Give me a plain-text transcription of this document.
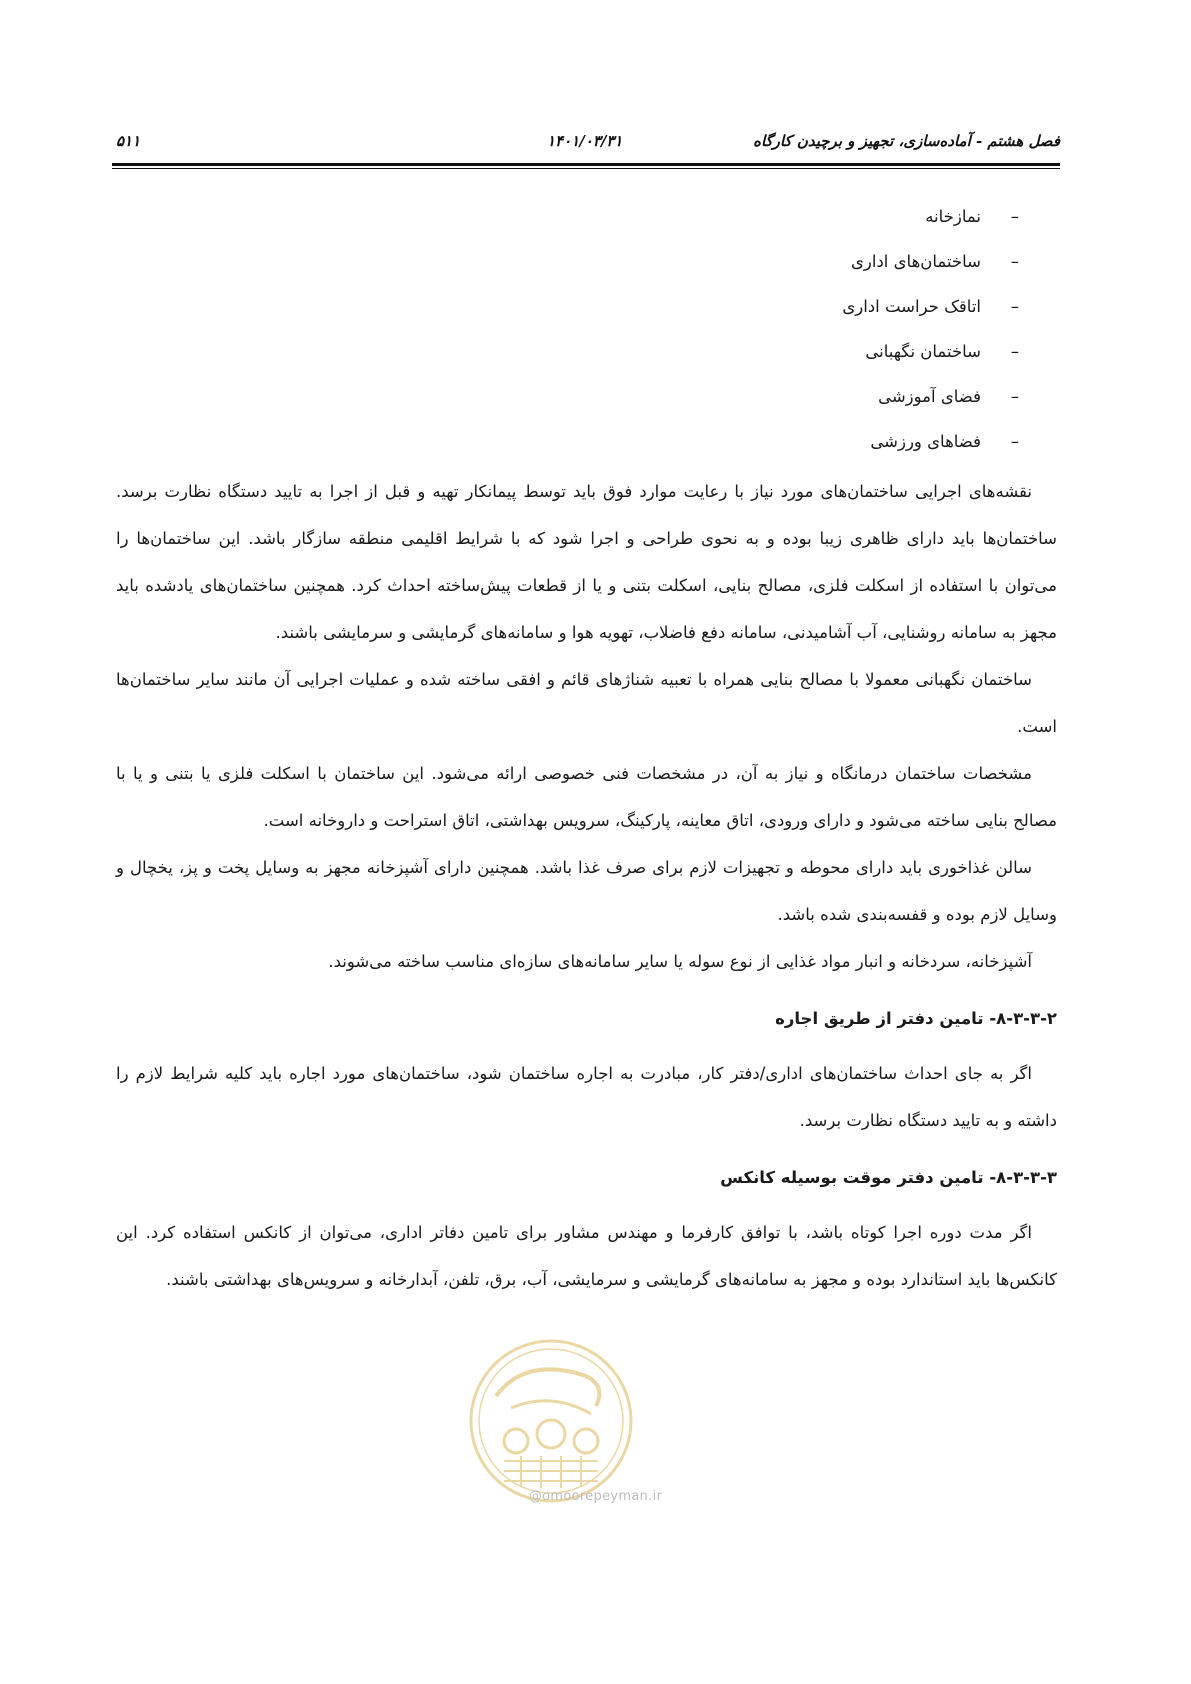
فصل هشتم - آماده‌سازی، تجهیز و برچیدن کارگاه
۱۴۰۱/۰۳/۳۱
۵۱۱
–نمازخانه
–ساختمان‌های اداری
–اتاقک حراست اداری
–ساختمان نگهبانی
–فضای آموزشی
–فضاهای ورزشی

نقشه‌های اجرایی ساختمان‌های مورد نیاز با رعایت موارد فوق باید توسط پیمانکار تهیه و قبل از اجرا به تایید دستگاه نظارت برسد. ساختمان‌ها باید دارای ظاهری زیبا بوده و به نحوی طراحی و اجرا شود که با شرایط اقلیمی منطقه سازگار باشد. این ساختمان‌ها را می‌توان با استفاده از اسکلت فلزی، مصالح بنایی، اسکلت بتنی و یا از قطعات پیش‌ساخته احداث کرد. همچنین ساختمان‌های یادشده باید مجهز به سامانه روشنایی، آب آشامیدنی، سامانه دفع فاضلاب، تهویه هوا و سامانه‌های گرمایشی و سرمایشی باشند.

ساختمان نگهبانی معمولا با مصالح بنایی همراه با تعبیه شناژهای قائم و افقی ساخته شده و عملیات اجرایی آن مانند سایر ساختمان‌ها است.

مشخصات ساختمان درمانگاه و نیاز به آن، در مشخصات فنی خصوصی ارائه می‌شود. این ساختمان با اسکلت فلزی یا بتنی و یا با مصالح بنایی ساخته می‌شود و دارای ورودی، اتاق معاینه، پارکینگ، سرویس بهداشتی، اتاق استراحت و داروخانه است.

سالن غذاخوری باید دارای محوطه و تجهیزات لازم برای صرف غذا باشد. همچنین دارای آشپزخانه مجهز به وسایل پخت و پز، یخچال و وسایل لازم بوده و قفسه‌بندی شده باشد.

آشپزخانه، سردخانه و انبار مواد غذایی از نوع سوله یا سایر سامانه‌های سازه‌ای مناسب ساخته می‌شوند.

۸-۳-۳-۲- تامین دفتر از طریق اجاره

اگر به جای احداث ساختمان‌های اداری/دفتر کار، مبادرت به اجاره ساختمان شود، ساختمان‌های مورد اجاره باید کلیه شرایط لازم را داشته و به تایید دستگاه نظارت برسد.

۸-۳-۳-۳- تامین دفتر موقت بوسیله کانکس

اگر مدت دوره اجرا کوتاه باشد، با توافق کارفرما و مهندس مشاور برای تامین دفاتر اداری، می‌توان از کانکس استفاده کرد. این کانکس‌ها باید استاندارد بوده و مجهز به سامانه‌های گرمایشی و سرمایشی، آب، برق، تلفن، آبدارخانه و سرویس‌های بهداشتی باشند.

@omoorepeyman.ir
